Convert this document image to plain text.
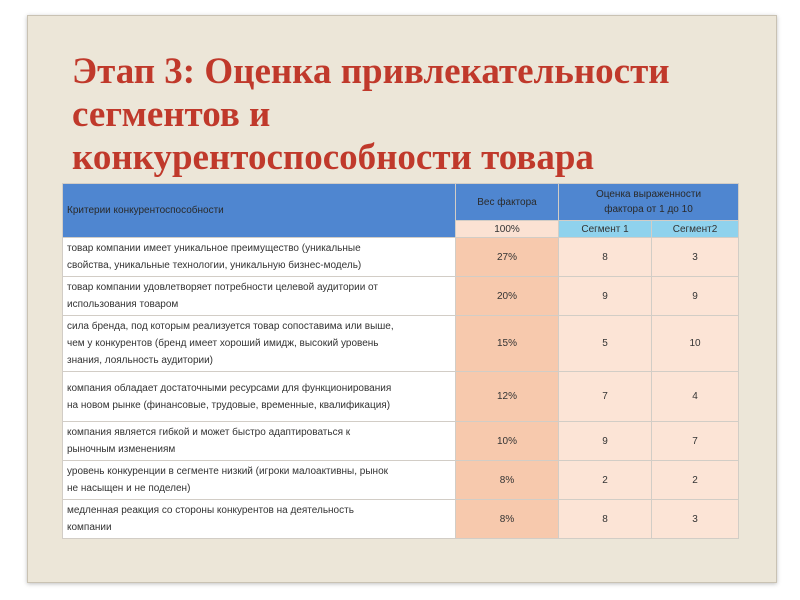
Этап 3: Оценка привлекательности
сегментов и
конкурентоспособности товара
Критерии конкурентоспособности	Вес фактора	Оценка выраженности
фактора от 1 до 10	
	100%	Сегмент 1	Сегмент2
товар компании имеет уникальное преимущество (уникальные
свойства, уникальные технологии, уникальную бизнес-модель)	27%	8	3
товар компании удовлетворяет потребности целевой аудитории от
использования товаром	20%	9	9
сила бренда, под которым реализуется товар сопоставима или выше,
чем у конкурентов (бренд имеет хороший имидж, высокий уровень
знания, лояльность аудитории)	15%	5	10
компания обладает достаточными ресурсами для функционирования
на новом рынке (финансовые, трудовые, временные, квалификация)	12%	7	4
компания является гибкой и может быстро адаптироваться к
рыночным изменениям	10%	9	7
уровень конкуренции в сегменте низкий (игроки малоактивны, рынок
не насыщен и не поделен)	8%	2	2
медленная реакция со стороны конкурентов на деятельность
компании	8%	8	3
